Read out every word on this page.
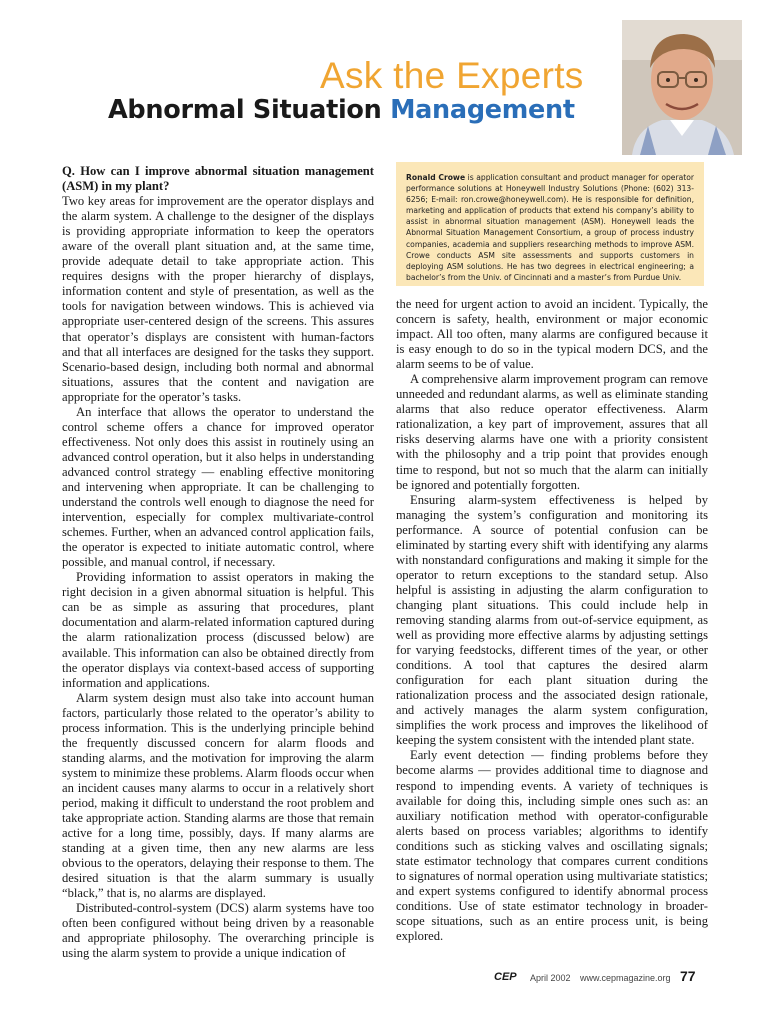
Ask the Experts
Abnormal Situation Management
Ronald Crowe is application consultant and product manager for operator performance solutions at Honeywell Industry Solutions (Phone: (602) 313-6256; E-mail: ron.crowe@honeywell.com). He is responsible for definition, marketing and application of products that extend his company’s ability to assist in abnormal situation management (ASM). Honeywell leads the Abnormal Situation Management Consortium, a group of process industry companies, academia and suppliers researching methods to improve ASM. Crowe conducts ASM site assessments and supports customers in deploying ASM solutions. He has two degrees in electrical engineering; a bachelor’s from the Univ. of Cincinnati and a master’s from Purdue Univ.

Q. How can I improve abnormal situation management (ASM) in my plant?
Two key areas for improvement are the operator displays and the alarm system. A challenge to the designer of the displays is providing appropriate information to keep the operators aware of the overall plant situation and, at the same time, provide adequate detail to take appropriate action. This requires designs with the proper hierarchy of displays, information content and style of presentation, as well as the tools for navigation between windows. This is achieved via appropriate user-centered design of the screens. This assures that operator’s displays are consistent with human-factors and that all interfaces are designed for the tasks they support. Scenario-based design, including both normal and abnormal situations, assures that the content and navigation are appropriate for the operator’s tasks.

An interface that allows the operator to understand the control scheme offers a chance for improved operator effectiveness. Not only does this assist in routinely using an advanced control operation, but it also helps in understanding advanced control strategy — enabling effective monitoring and intervening when appropriate. It can be challenging to understand the controls well enough to diagnose the need for intervention, especially for complex multivariate-control schemes. Further, when an advanced control application fails, the operator is expected to initiate automatic control, where possible, and manual control, if necessary.

Providing information to assist operators in making the right decision in a given abnormal situation is helpful. This can be as simple as assuring that procedures, plant documentation and alarm-related information captured during the alarm rationalization process (discussed below) are available. This information can also be obtained directly from the operator displays via context-based access of supporting information and applications.

Alarm system design must also take into account human factors, particularly those related to the operator’s ability to process information. This is the underlying principle behind the frequently discussed concern for alarm floods and standing alarms, and the motivation for improving the alarm system to minimize these problems. Alarm floods occur when an incident causes many alarms to occur in a relatively short period, making it difficult to understand the root problem and take appropriate action. Standing alarms are those that remain active for a long time, possibly, days. If many alarms are standing at a given time, then any new alarms are less obvious to the operators, delaying their response to them. The desired situation is that the alarm summary is usually “black,” that is, no alarms are displayed.

Distributed-control-system (DCS) alarm systems have too often been configured without being driven by a reasonable and appropriate philosophy. The overarching principle is using the alarm system to provide a unique indication of

the need for urgent action to avoid an incident. Typically, the concern is safety, health, environment or major economic impact. All too often, many alarms are configured because it is easy enough to do so in the typical modern DCS, and the alarm seems to be of value.

A comprehensive alarm improvement program can remove unneeded and redundant alarms, as well as eliminate standing alarms that also reduce operator effectiveness. Alarm rationalization, a key part of improvement, assures that all risks deserving alarms have one with a priority consistent with the philosophy and a trip point that provides enough time to respond, but not so much that the alarm can initially be ignored and potentially forgotten.

Ensuring alarm-system effectiveness is helped by managing the system’s configuration and monitoring its performance. A source of potential confusion can be eliminated by starting every shift with identifying any alarms with nonstandard configurations and making it simple for the operator to return exceptions to the standard setup. Also helpful is assisting in adjusting the alarm configuration to changing plant situations. This could include help in removing standing alarms from out-of-service equipment, as well as providing more effective alarms by adjusting settings for varying feedstocks, different times of the year, or other conditions. A tool that captures the desired alarm configuration for each plant situation during the rationalization process and the associated design rationale, and actively manages the alarm system configuration, simplifies the work process and improves the likelihood of keeping the system consistent with the intended plant state.

Early event detection — finding problems before they become alarms — provides additional time to diagnose and respond to impending events. A variety of techniques is available for doing this, including simple ones such as: an auxiliary notification method with operator-configurable alerts based on process variables; algorithms to identify conditions such as sticking valves and oscillating signals; state estimator technology that compares current conditions to signatures of normal operation using multivariate statistics; and expert systems configured to identify abnormal process conditions. Use of state estimator technology in broader-scope situations, such as an entire process unit, is being explored.

CEP April 2002 www.cepmagazine.org 77
